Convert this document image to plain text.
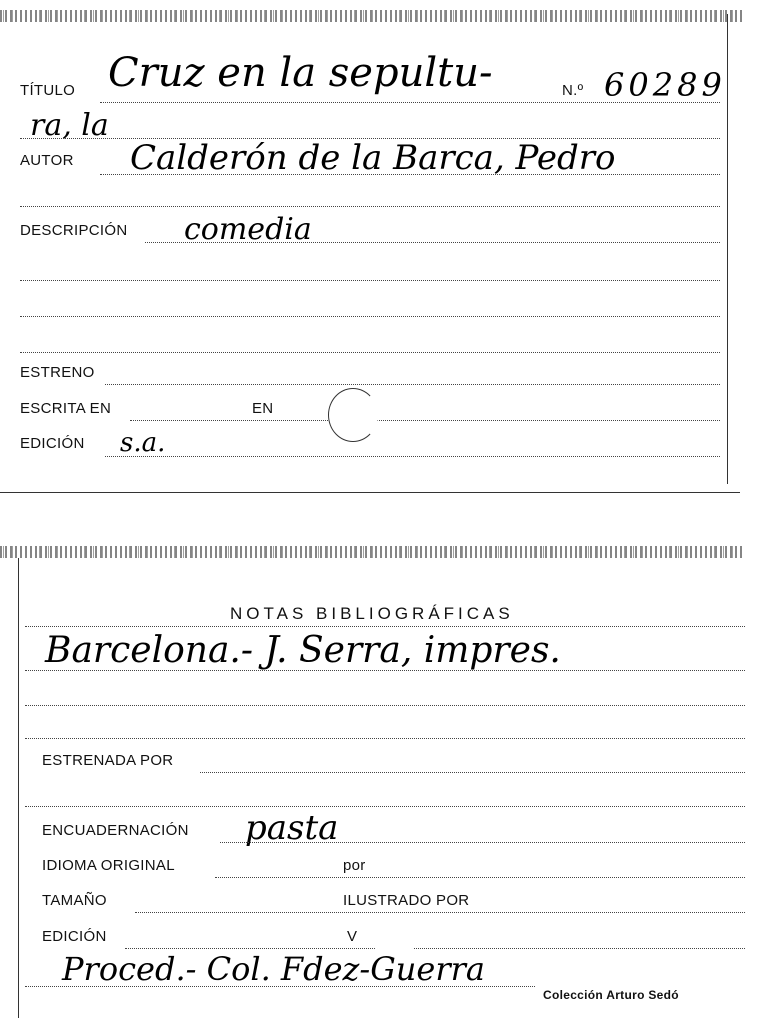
TÍTULO Cruz en la sepultu-	N.º 60289
ra, la
AUTOR Calderón de la Barca, Pedro
DESCRIPCIÓN comedia
ESTRENO
ESCRITA EN	EN
EDICIÓN s.a.
NOTAS BIBLIOGRÁFICAS
Barcelona.- J. Serra, impres.
ESTRENADA POR
ENCUADERNACIÓN pasta
IDIOMA ORIGINAL	por
TAMAÑO	ILUSTRADO POR
EDICIÓN	V
Proced.- Col. Fdez-Guerra
Colección Arturo Sedó
